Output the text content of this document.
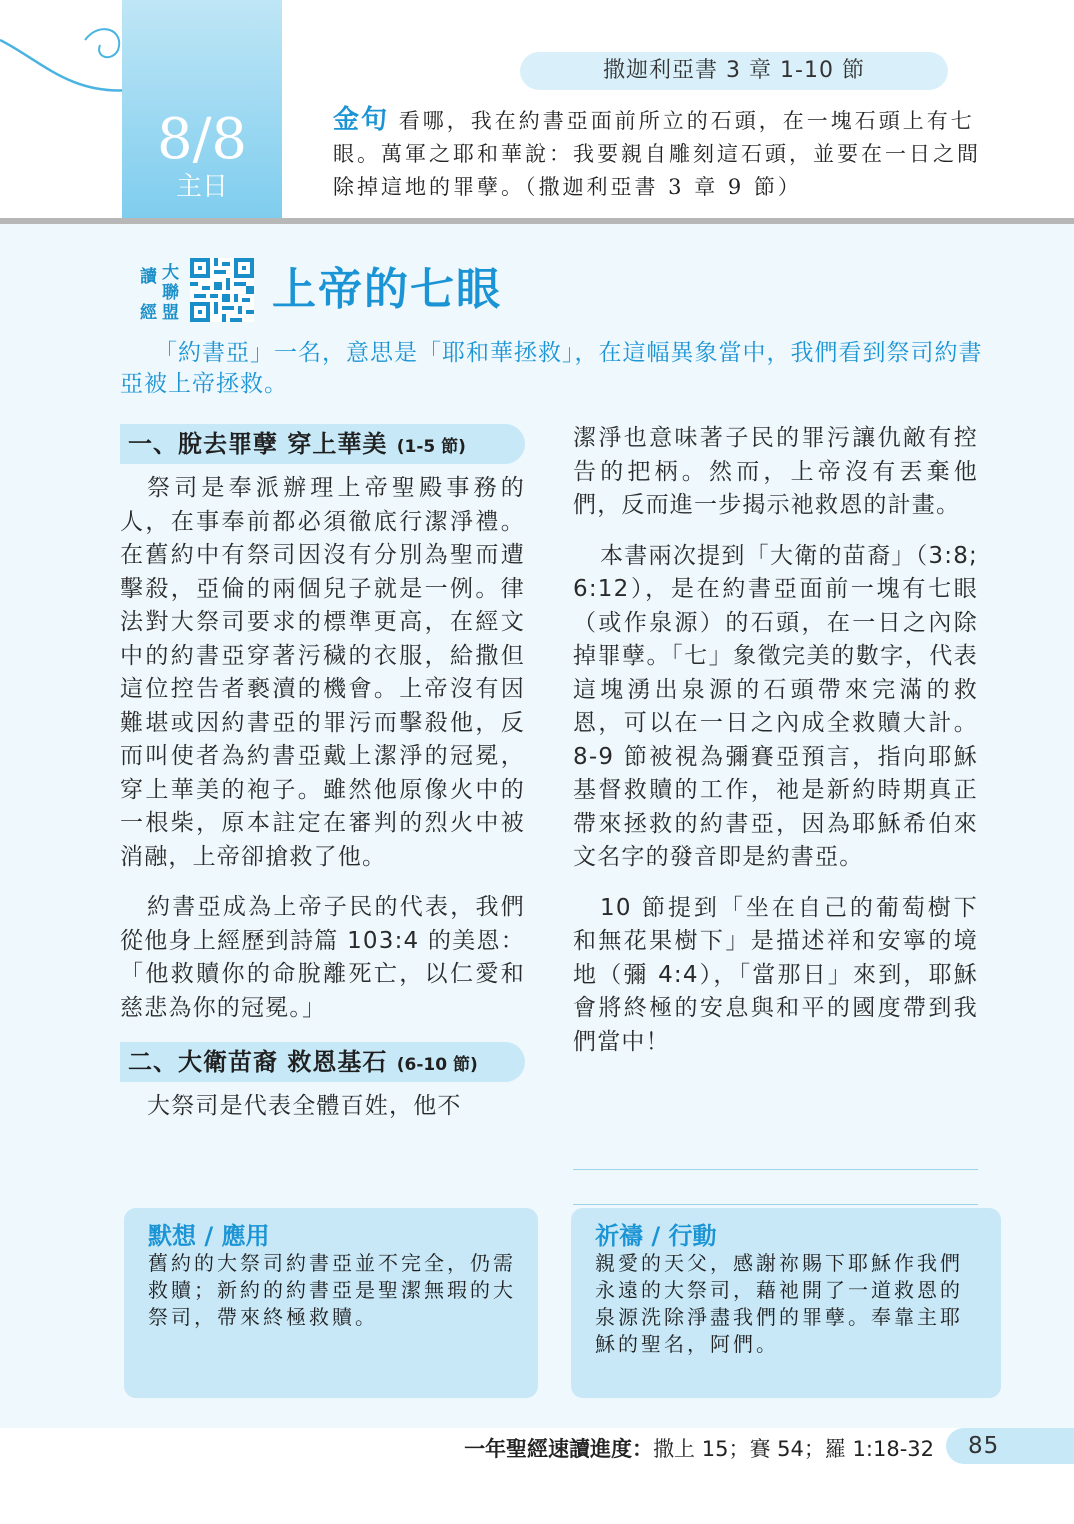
8/8
主日
撒迦利亞書 3 章 1-10 節
金句 看哪，我在約書亞面前所立的石頭，在一塊石頭上有七眼。萬軍之耶和華說：我要親自雕刻這石頭，並要在一日之間除掉這地的罪孽。（撒迦利亞書 3 章 9 節）
讀 大
聯
經 盟 上帝的七眼
「約書亞」一名，意思是「耶和華拯救」，在這幅異象當中，我們看到祭司約書亞被上帝拯救。
一、脫去罪孽 穿上華美 (1-5 節)

祭司是奉派辦理上帝聖殿事務的人，在事奉前都必須徹底行潔淨禮。在舊約中有祭司因沒有分別為聖而遭擊殺，亞倫的兩個兒子就是一例。律法對大祭司要求的標準更高，在經文中的約書亞穿著污穢的衣服，給撒但這位控告者褻瀆的機會。上帝沒有因難堪或因約書亞的罪污而擊殺他，反而叫使者為約書亞戴上潔淨的冠冕，穿上華美的袍子。雖然他原像火中的一根柴，原本註定在審判的烈火中被消融，上帝卻搶救了他。

約書亞成為上帝子民的代表，我們從他身上經歷到詩篇 103:4 的美恩：「他救贖你的命脫離死亡，以仁愛和慈悲為你的冠冕。」

二、大衛苗裔 救恩基石 (6-10 節)

大祭司是代表全體百姓，他不

潔淨也意味著子民的罪污讓仇敵有控告的把柄。然而，上帝沒有丟棄他們，反而進一步揭示祂救恩的計畫。

本書兩次提到「大衛的苗裔」（3:8; 6:12），是在約書亞面前一塊有七眼（或作泉源）的石頭，在一日之內除掉罪孽。「七」象徵完美的數字，代表這塊湧出泉源的石頭帶來完滿的救恩，可以在一日之內成全救贖大計。8-9 節被視為彌賽亞預言，指向耶穌基督救贖的工作，祂是新約時期真正帶來拯救的約書亞，因為耶穌希伯來文名字的發音即是約書亞。

10 節提到「坐在自己的葡萄樹下和無花果樹下」是描述祥和安寧的境地（彌 4:4），「當那日」來到，耶穌會將終極的安息與和平的國度帶到我們當中！

默想 / 應用
舊約的大祭司約書亞並不完全，仍需救贖；新約的約書亞是聖潔無瑕的大祭司，帶來終極救贖。
祈禱 / 行動
親愛的天父，感謝祢賜下耶穌作我們永遠的大祭司，藉祂開了一道救恩的泉源洗除淨盡我們的罪孽。奉靠主耶穌的聖名，阿們。
一年聖經速讀進度：撒上 15；賽 54；羅 1:18-32 85
